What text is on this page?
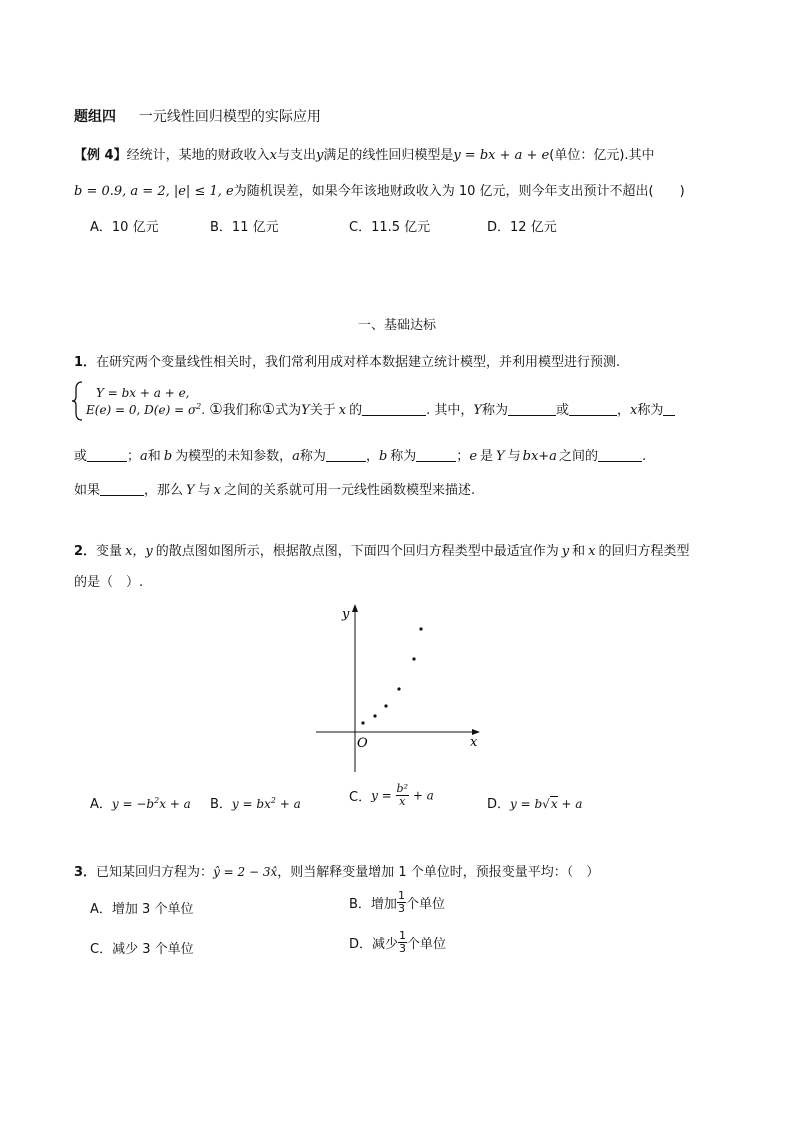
题组四 一元线性回归模型的实际应用
【例 4】经统计，某地的财政收入x与支出y满足的线性回归模型是y = bx + a + e(单位：亿元).其中
b = 0.9, a = 2, |e| ≤ 1, e为随机误差，如果今年该地财政收入为 10 亿元，则今年支出预计不超出(　　)
A．10 亿元	B．11 亿元	C．11.5 亿元	D．12 亿元
一、基础达标
1．在研究两个变量线性相关时，我们常利用成对样本数据建立统计模型，并利用模型进行预测.
Y = bx + a + e,
E(e) = 0, $D(e) = \sigma^2$. ①我们称①式为Y关于 x 的	. 其中，Y称为	或	，x称为
或	；a和 b 为模型的未知参数，a称为	，b 称为	；e 是 Y 与 bx+a 之间的	.
如果	，那么 Y 与 x 之间的关系就可用一元线性函数模型来描述.
2．变量 x，y 的散点图如图所示，根据散点图，下面四个回归方程类型中最适宜作为 y 和 x 的回归方程类型
的是（　）.
y
x
O
A．$y = -b^2x + a$ B．$y = bx^2 + a$	C．$y = \frac{\text{b²}}{x} + a$
D．y = b√x + a
3．已知某回归方程为：ŷ = 2 − 3x̂，则当解释变量增加 1 个单位时，预报变量平均：（　）
A．增加 3 个单位	B．增加 $\frac{1}{3}$ 个单位
C．减少 3 个单位	D．减少 $\frac{1}{3}$ 个单位
